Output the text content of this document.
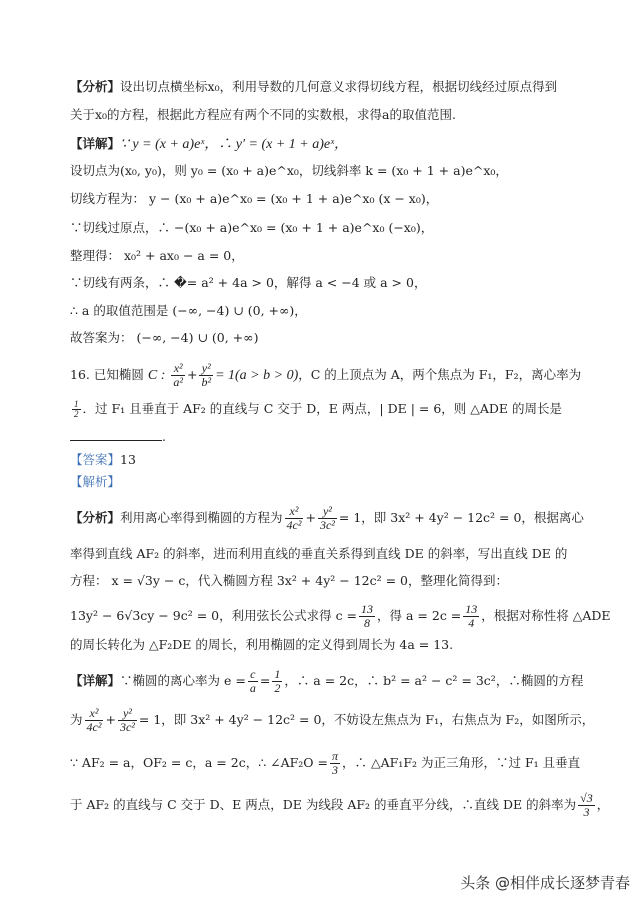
【分析】设出切点横坐标x₀，利用导数的几何意义求得切线方程，根据切线经过原点得到
关于x₀的方程，根据此方程应有两个不同的实数根，求得a的取值范围.
【详解】∵ y = (x + a)eˣ，∴ y′ = (x + 1 + a)eˣ，
设切点为(x₀, y₀)，则 y₀ = (x₀ + a)e^x₀，切线斜率 k = (x₀ + 1 + a)e^x₀，
切线方程为： y − (x₀ + a)e^x₀ = (x₀ + 1 + a)e^x₀ (x − x₀)，
∵切线过原点，∴ −(x₀ + a)e^x₀ = (x₀ + 1 + a)e^x₀ (−x₀)，
整理得： x₀² + ax₀ − a = 0，
∵切线有两条，∴ �= a² + 4a > 0，解得 a < −4 或 a > 0，
∴ a 的取值范围是 (−∞, −4) ∪ (0, +∞)，
故答案为： (−∞, −4) ∪ (0, +∞)
16. 已知椭圆 C : $\frac{\text{x²}}{\text{a²}} + \frac{\text{y²}}{\text{b²}} = 1(a > b > 0)$，C 的上顶点为 A，两个焦点为 F₁，F₂，离心率为
$\frac{1}{2}$ ．过 F₁ 且垂直于 AF₂ 的直线与 C 交于 D，E 两点，| DE | = 6，则 △ADE 的周长是
.
【答案】13
【解析】
【分析】利用离心率得到椭圆的方程为 $\frac{\text{x²}}{\text{4c²}} + \frac{\text{y²}}{\text{3c²}} = 1$，即 3x² + 4y² − 12c² = 0，根据离心
率得到直线 AF₂ 的斜率，进而利用直线的垂直关系得到直线 DE 的斜率，写出直线 DE 的
方程： x = √3y − c，代入椭圆方程 3x² + 4y² − 12c² = 0，整理化简得到：
13y² − 6√3cy − 9c² = 0，利用弦长公式求得 $c = \frac{13}{8}$ ，得 $a = 2c = \frac{13}{4}$ ，根据对称性将 △ADE
的周长转化为 △F₂DE 的周长，利用椭圆的定义得到周长为 4a = 13.
【详解】∵椭圆的离心率为 $e = \frac{c}{a} = \frac{1}{2}$ ，∴ a = 2c，∴ b² = a² − c² = 3c²，∴椭圆的方程
为 $\frac{\text{x²}}{\text{4c²}} + \frac{\text{y²}}{\text{3c²}} = 1$，即 3x² + 4y² − 12c² = 0，不妨设左焦点为 F₁，右焦点为 F₂，如图所示，
∵ AF₂ = a，OF₂ = c，a = 2c，∴ ∠AF₂O = $\frac{\pi}{3}$ ，∴ △AF₁F₂ 为正三角形，∵过 F₁ 且垂直
于 AF₂ 的直线与 C 交于 D、E 两点，DE 为线段 AF₂ 的垂直平分线，∴直线 DE 的斜率为 $\frac{√3}{3}$ ，
头条 @相伴成长逐梦青春
